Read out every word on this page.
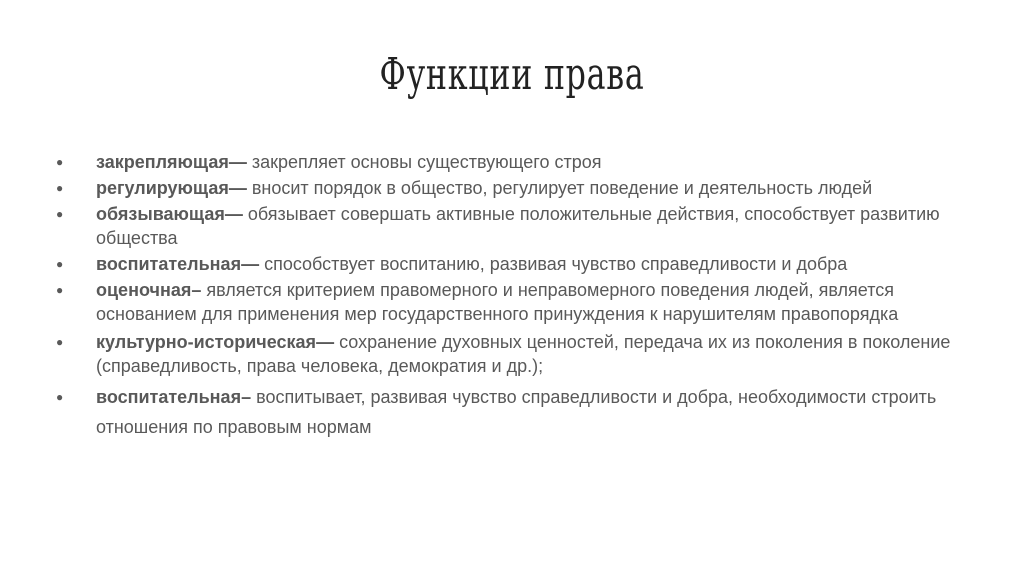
Функции права
●	закрепляющая— закрепляет основы существующего строя
●	регулирующая— вносит порядок в общество, регулирует поведение и деятельность людей
●	обязывающая— обязывает совершать активные положительные действия, способствует развитию общества
●	воспитательная— способствует воспитанию, развивая чувство справедливости и добра
●	оценочная– является критерием правомерного и неправомерного поведения людей, является основанием для применения мер государственного принуждения к нарушителям правопорядка
●	культурно-историческая— сохранение духовных ценностей, передача их из поколения в поколение (справедливость, права человека, демократия и др.);
●	воспитательная– воспитывает, развивая чувство справедливости и добра, необходимости строить отношения по правовым нормам
